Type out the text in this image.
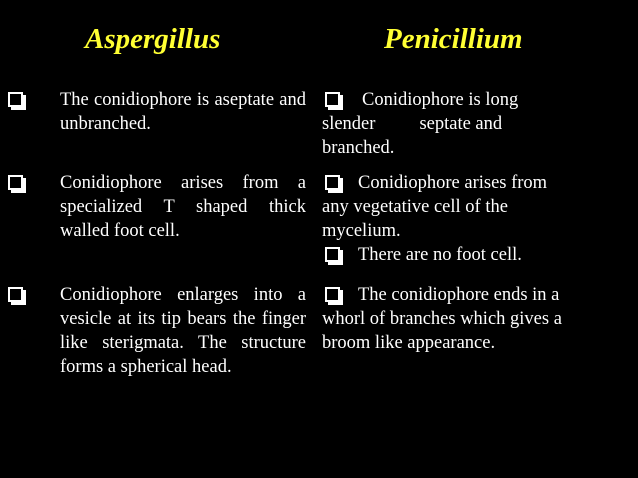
Aspergillus	Penicillium
The conidiophore is aseptate and unbranched.
Conidiophore is long
slender septate and
branched.
Conidiophore arises from a specialized T shaped thick walled foot cell.
Conidiophore arises from
any vegetative cell of the
mycelium.
There are no foot cell.
Conidiophore enlarges into a vesicle at its tip bears the finger like sterigmata. The structure forms a spherical head.
The conidiophore ends in a
whorl of branches which gives a
broom like appearance.
